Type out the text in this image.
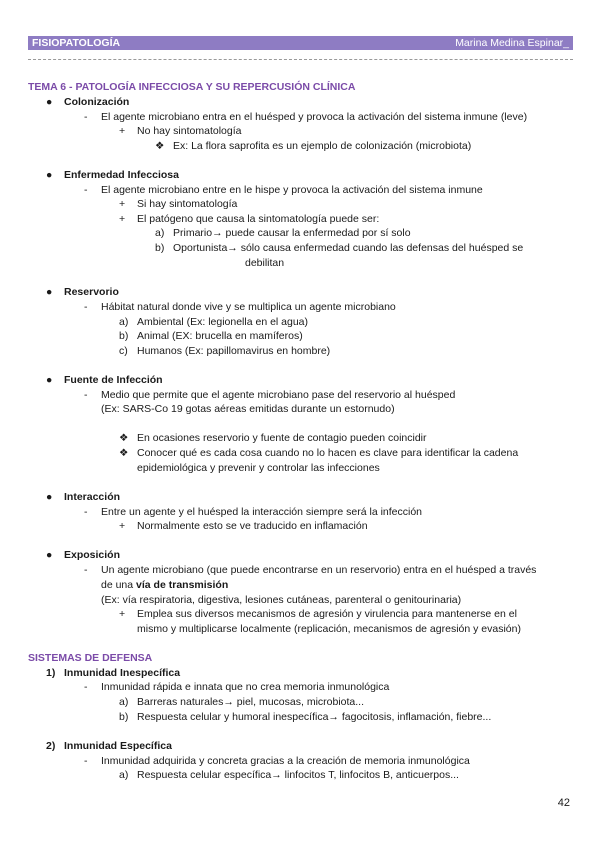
FISIOPATOLOGÍA	Marina Medina Espinar_
TEMA 6 - PATOLOGÍA INFECCIOSA Y SU REPERCUSIÓN CLÍNICA
● Colonización
- El agente microbiano entra en el huésped y provoca la activación del sistema inmune (leve)
+ No hay sintomatología
❖ Ex: La flora saprofita es un ejemplo de colonización (microbiota)
● Enfermedad Infecciosa
- El agente microbiano entre en le hispe y provoca la activación del sistema inmune
+ Si hay sintomatología
+ El patógeno que causa la sintomatología puede ser:
a) Primario→ puede causar la enfermedad por sí solo
b) Oportunista→ sólo causa enfermedad cuando las defensas del huésped se
debilitan
● Reservorio
- Hábitat natural donde vive y se multiplica un agente microbiano
a) Ambiental (Ex: legionella en el agua)
b) Animal (EX: brucella en mamíferos)
c) Humanos (Ex: papillomavirus en hombre)
● Fuente de Infección
- Medio que permite que el agente microbiano pase del reservorio al huésped
(Ex: SARS-Co 19 gotas aéreas emitidas durante un estornudo)
❖ En ocasiones reservorio y fuente de contagio pueden coincidir
❖ Conocer qué es cada cosa cuando no lo hacen es clave para identificar la cadena
epidemiológica y prevenir y controlar las infecciones
● Interacción
- Entre un agente y el huésped la interacción siempre será la infección
+ Normalmente esto se ve traducido en inflamación
● Exposición
- Un agente microbiano (que puede encontrarse en un reservorio) entra en el huésped a través
de una vía de transmisión
(Ex: vía respiratoria, digestiva, lesiones cutáneas, parenteral o genitourinaria)
+ Emplea sus diversos mecanismos de agresión y virulencia para mantenerse en el
mismo y multiplicarse localmente (replicación, mecanismos de agresión y evasión)
SISTEMAS DE DEFENSA
1) Inmunidad Inespecífica
- Inmunidad rápida e innata que no crea memoria inmunológica
a) Barreras naturales→ piel, mucosas, microbiota...
b) Respuesta celular y humoral inespecífica→ fagocitosis, inflamación, fiebre...
2) Inmunidad Específica
- Inmunidad adquirida y concreta gracias a la creación de memoria inmunológica
a) Respuesta celular específica→ linfocitos T, linfocitos B, anticuerpos...
42
